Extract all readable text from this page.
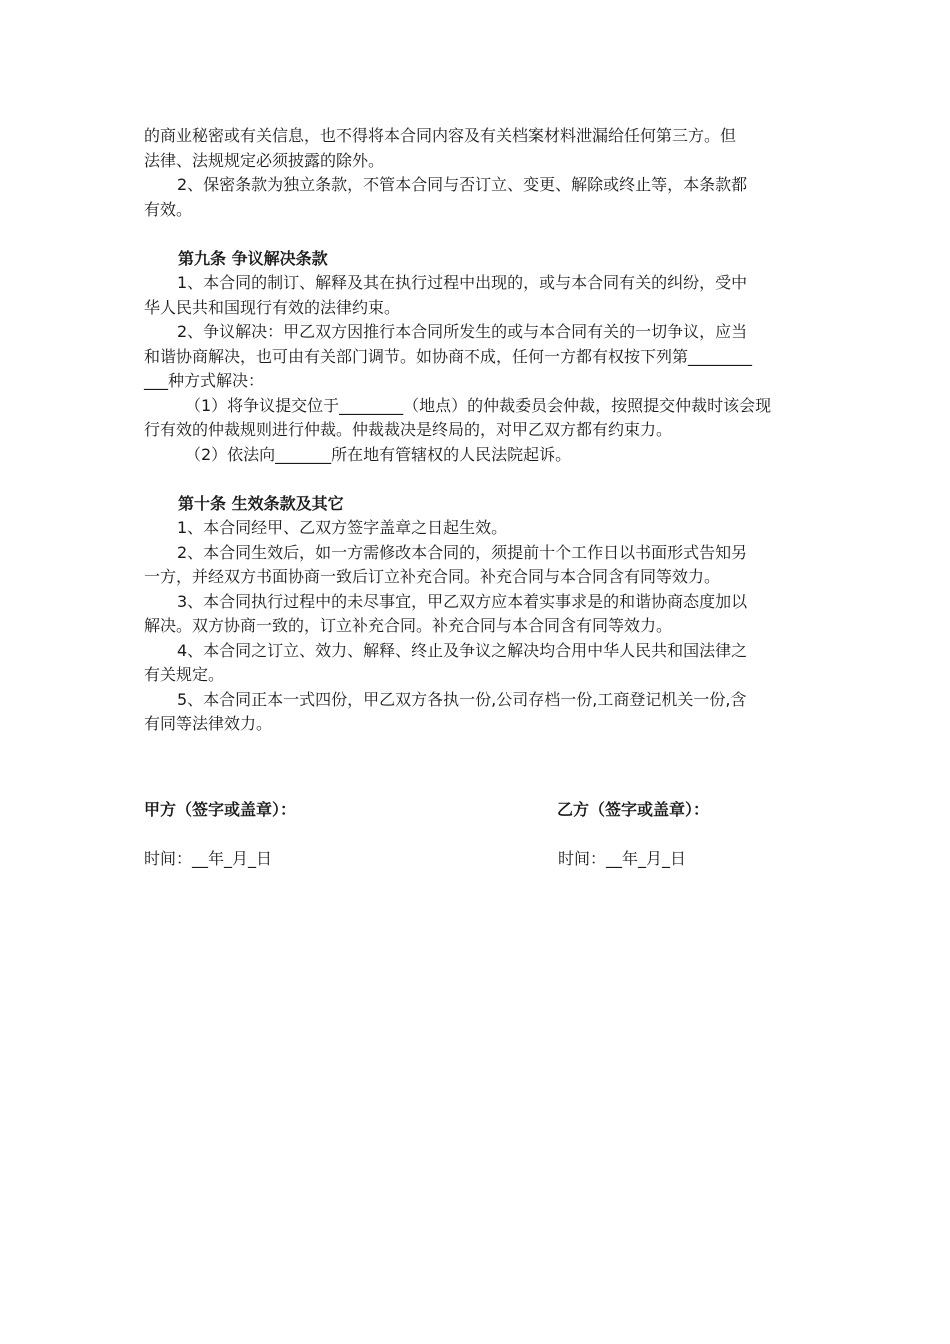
的商业秘密或有关信息，也不得将本合同内容及有关档案材料泄漏给任何第三方。但
法律、法规规定必须披露的除外。
2、保密条款为独立条款，不管本合同与否订立、变更、解除或终止等，本条款都
有效。
第九条 争议解决条款
1、本合同的制订、解释及其在执行过程中出现的，或与本合同有关的纠纷，受中
华人民共和国现行有效的法律约束。
2、争议解决：甲乙双方因推行本合同所发生的或与本合同有关的一切争议，应当
和谐协商解决，也可由有关部门调节。如协商不成，任何一方都有权按下列第________
___种方式解决：
（1）将争议提交位于________（地点）的仲裁委员会仲裁，按照提交仲裁时该会现
行有效的仲裁规则进行仲裁。仲裁裁决是终局的，对甲乙双方都有约束力。
（2）依法向_______所在地有管辖权的人民法院起诉。
第十条 生效条款及其它
1、本合同经甲、乙双方签字盖章之日起生效。
2、本合同生效后，如一方需修改本合同的，须提前十个工作日以书面形式告知另
一方，并经双方书面协商一致后订立补充合同。补充合同与本合同含有同等效力。
3、本合同执行过程中的未尽事宜，甲乙双方应本着实事求是的和谐协商态度加以
解决。双方协商一致的，订立补充合同。补充合同与本合同含有同等效力。
4、本合同之订立、效力、解释、终止及争议之解决均合用中华人民共和国法律之
有关规定。
5、本合同正本一式四份，甲乙双方各执一份,公司存档一份,工商登记机关一份,含
有同等法律效力。
甲方（签字或盖章）：	乙方（签字或盖章）：
时间：__年_月_日	时间：__年_月_日
